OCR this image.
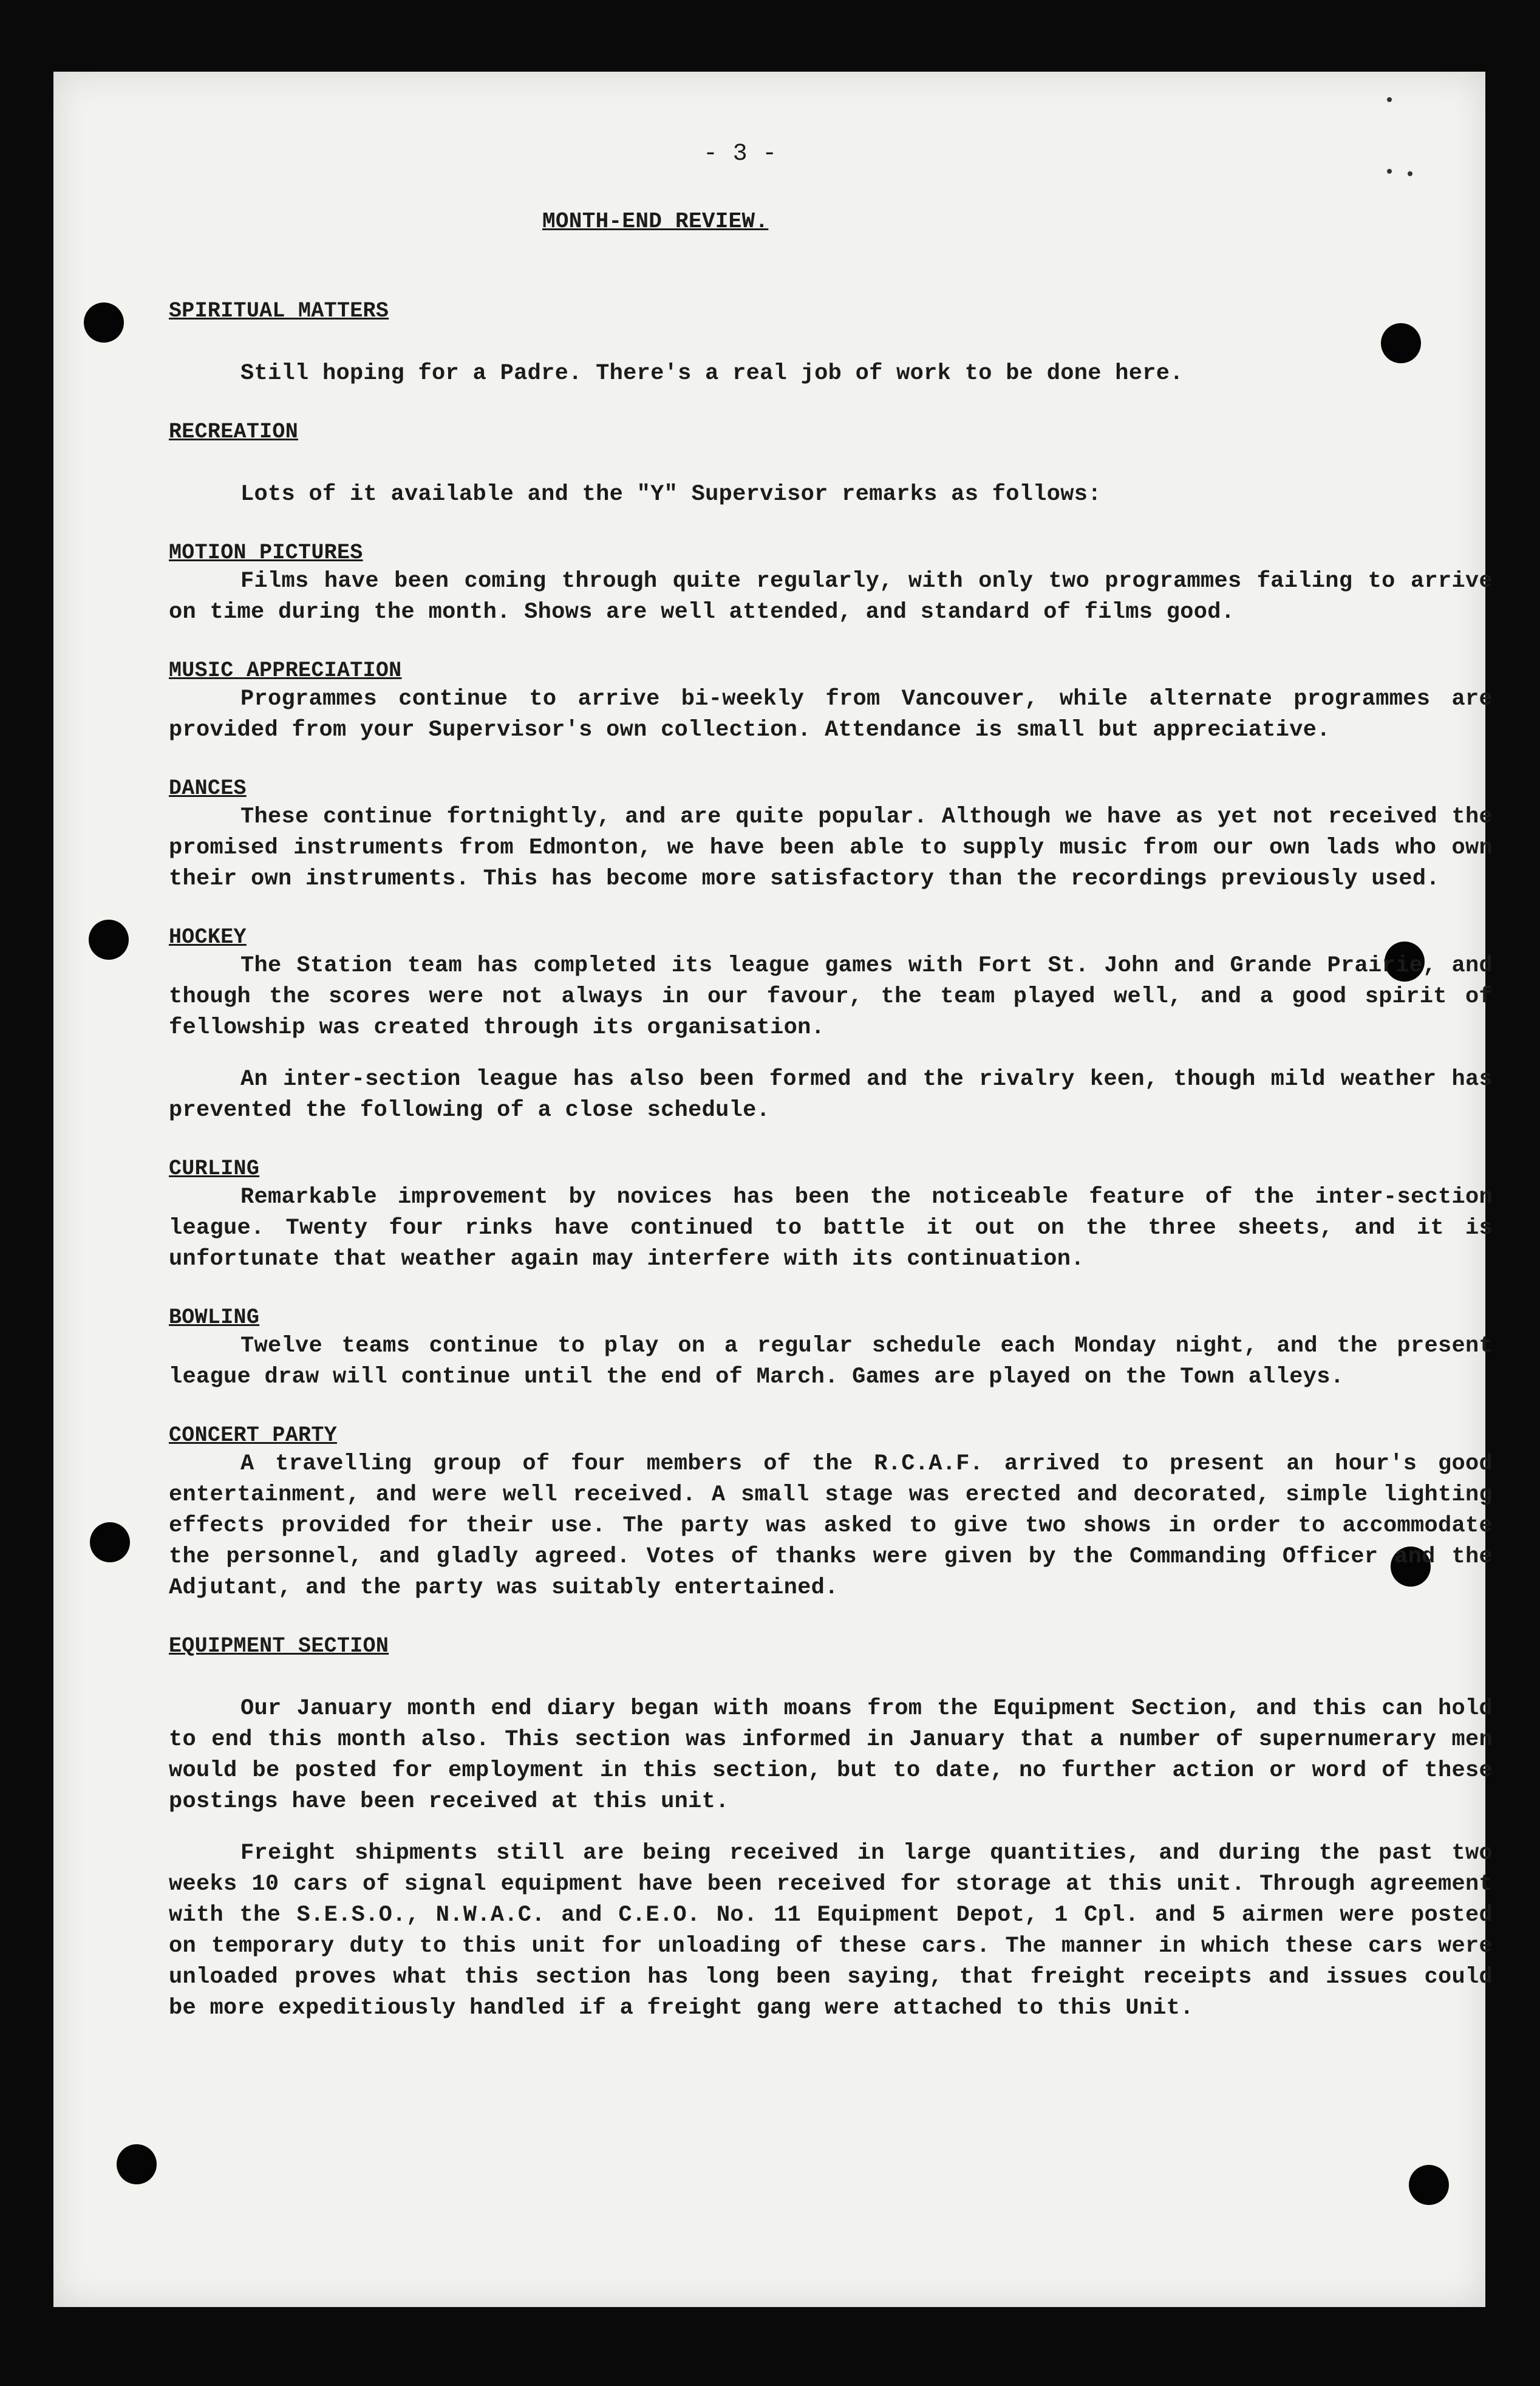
- 3 -
MONTH-END REVIEW.

SPIRITUAL MATTERS

Still hoping for a Padre. There's a real job of work to be done here.

RECREATION

Lots of it available and the "Y" Supervisor remarks as follows:

MOTION PICTURES

Films have been coming through quite regularly, with only two programmes failing to arrive on time during the month. Shows are well attended, and standard of films good.

MUSIC APPRECIATION

Programmes continue to arrive bi-weekly from Vancouver, while alternate programmes are provided from your Supervisor's own collection. Attendance is small but appreciative.

DANCES

These continue fortnightly, and are quite popular. Although we have as yet not received the promised instruments from Edmonton, we have been able to supply music from our own lads who own their own instruments. This has become more satisfactory than the recordings previously used.

HOCKEY

The Station team has completed its league games with Fort St. John and Grande Prairie, and though the scores were not always in our favour, the team played well, and a good spirit of fellowship was created through its organisation.

An inter-section league has also been formed and the rivalry keen, though mild weather has prevented the following of a close schedule.

CURLING

Remarkable improvement by novices has been the noticeable feature of the inter-section league. Twenty four rinks have continued to battle it out on the three sheets, and it is unfortunate that weather again may interfere with its continuation.

BOWLING

Twelve teams continue to play on a regular schedule each Monday night, and the present league draw will continue until the end of March. Games are played on the Town alleys.

CONCERT PARTY

A travelling group of four members of the R.C.A.F. arrived to present an hour's good entertainment, and were well received. A small stage was erected and decorated, simple lighting effects provided for their use. The party was asked to give two shows in order to accommodate the personnel, and gladly agreed. Votes of thanks were given by the Commanding Officer and the Adjutant, and the party was suitably entertained.

EQUIPMENT SECTION

Our January month end diary began with moans from the Equipment Section, and this can hold to end this month also. This section was informed in January that a number of supernumerary men would be posted for employment in this section, but to date, no further action or word of these postings have been received at this unit.

Freight shipments still are being received in large quantities, and during the past two weeks 10 cars of signal equipment have been received for storage at this unit. Through agreement with the S.E.S.O., N.W.A.C. and C.E.O. No. 11 Equipment Depot, 1 Cpl. and 5 airmen were posted on temporary duty to this unit for unloading of these cars. The manner in which these cars were unloaded proves what this section has long been saying, that freight receipts and issues could be more expeditiously handled if a freight gang were attached to this Unit.
